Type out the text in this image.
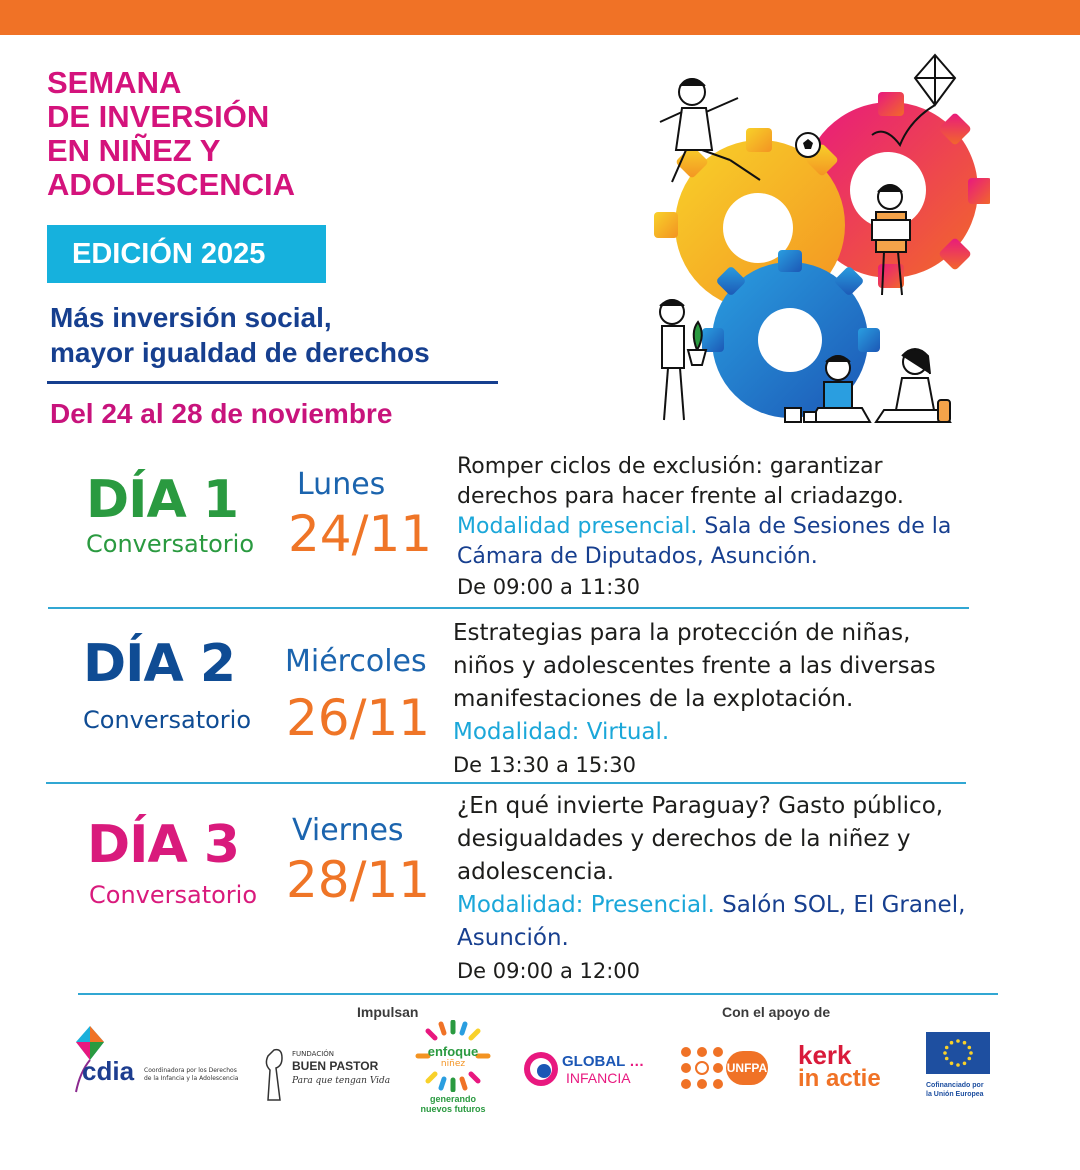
SEMANA
DE INVERSIÓN
EN NIÑEZ Y
ADOLESCENCIA
EDICIÓN 2025
Más inversión social,
mayor igualdad de derechos
Del 24 al 28 de noviembre
DÍA 1
Conversatorio
Lunes
24/11
Romper ciclos de exclusión: garantizar
derechos para hacer frente al criadazgo.
Modalidad presencial. Sala de Sesiones de la
Cámara de Diputados, Asunción.
De 09:00 a 11:30
DÍA 2
Conversatorio
Miércoles
26/11
Estrategias para la protección de niñas,
niños y adolescentes frente a las diversas
manifestaciones de la explotación.
Modalidad: Virtual.
De 13:30 a 15:30
DÍA 3
Conversatorio
Viernes
28/11
¿En qué invierte Paraguay? Gasto público,
desigualdades y derechos de la niñez y
adolescencia.
Modalidad: Presencial. Salón SOL, El Granel,
Asunción.
De 09:00 a 12:00
Impulsan	Con el apoyo de
cdia Coordinadora por los Derechos
de la Infancia y la Adolescencia
FUNDACIÓN
BUEN PASTOR
Para que tengan Vida
enfoque
niñez
generando
nuevos futuros
GLOBAL …
INFANCIA
UNFPA kerk
in actie	Cofinanciado por
la Unión Europea
